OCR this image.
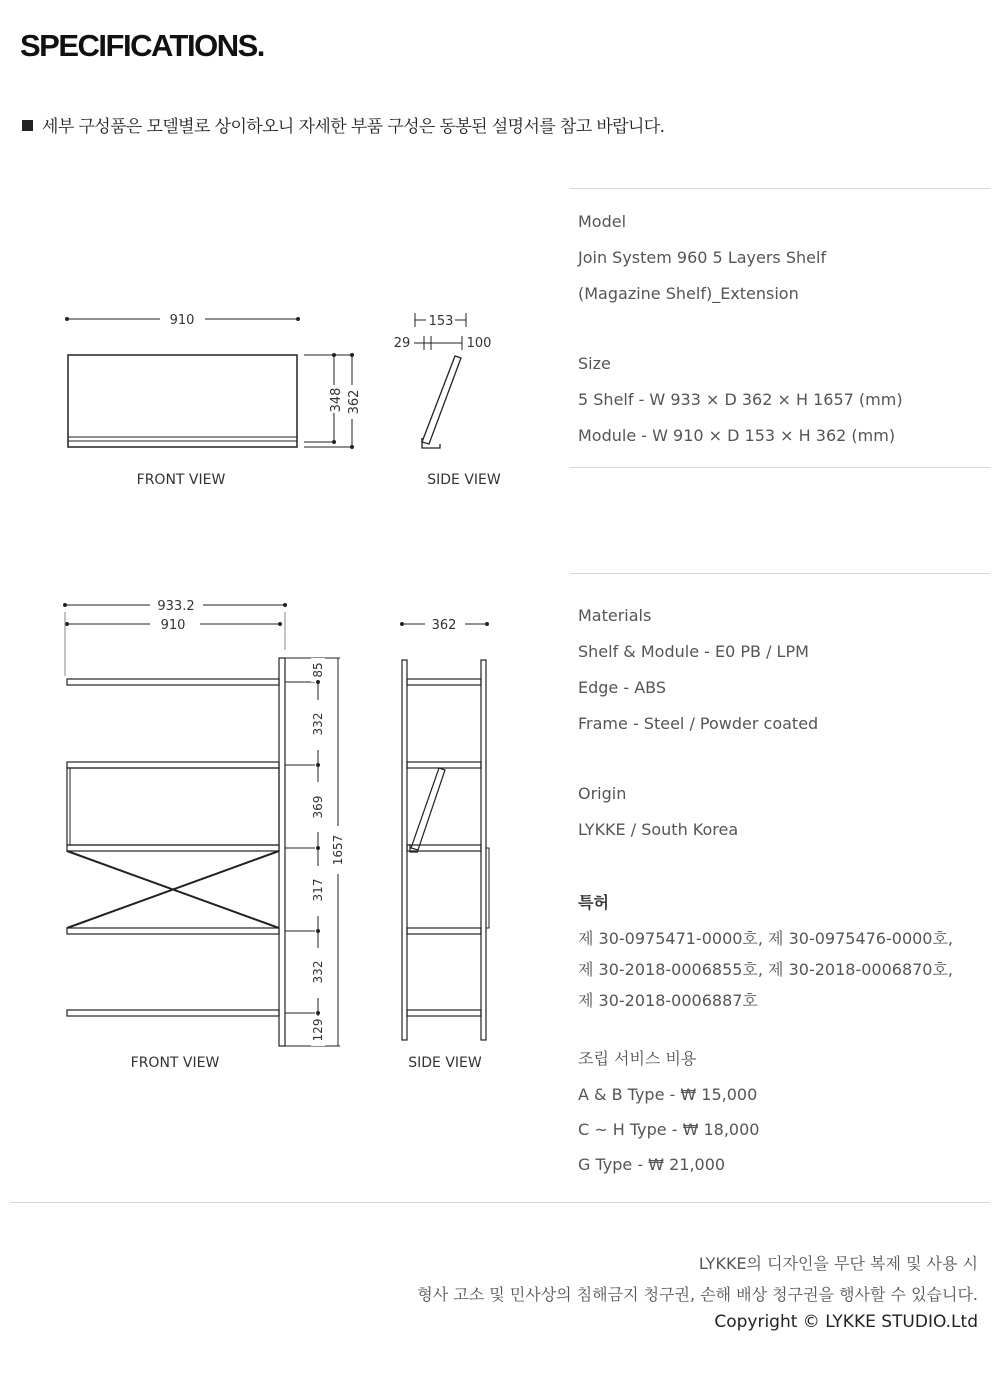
SPECIFICATIONS.
세부 구성품은 모델별로 상이하오니 자세한 부품 구성은 동봉된 설명서를 참고 바랍니다.
910
348 362
FRONT VIEW
153
29	100
SIDE VIEW
933.2
910
85
332
369
317
332
129
1657
FRONT VIEW
362
SIDE VIEW
Model
Join System 960 5 Layers Shelf
(Magazine Shelf)_Extension
Size
5 Shelf - W 933 × D 362 × H 1657 (mm)
Module - W 910 × D 153 × H 362 (mm)
Materials
Shelf & Module - E0 PB / LPM
Edge - ABS
Frame - Steel / Powder coated
Origin
LYKKE / South Korea
특허
제 30-0975471-0000호, 제 30-0975476-0000호,
제 30-2018-0006855호, 제 30-2018-0006870호,
제 30-2018-0006887호
조립 서비스 비용
A & B Type - ₩ 15,000
C ~ H Type - ₩ 18,000
G Type - ₩ 21,000
LYKKE의 디자인을 무단 복제 및 사용 시
형사 고소 및 민사상의 침해금지 청구권, 손해 배상 청구권을 행사할 수 있습니다.
Copyright © LYKKE STUDIO.Ltd
